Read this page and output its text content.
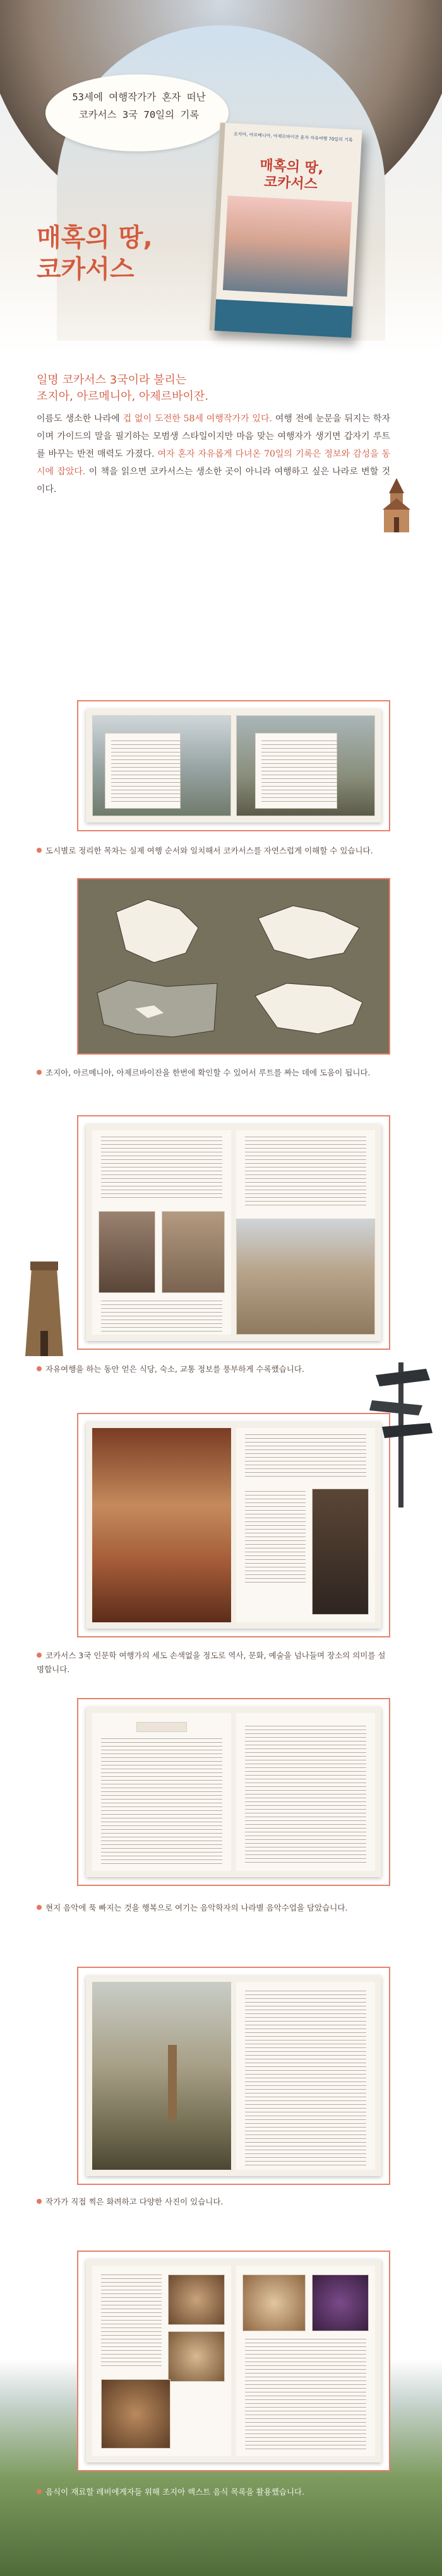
53세에 여행작가가 혼자 떠난
코카서스 3국 70일의 기록
매혹의 땅,
코카서스
조지아, 아르메니아, 아제르바이잔 혼자 자유여행 70일의 기록
매혹의 땅,
코카서스
일명 코카서스 3국이라 불리는
조지아, 아르메니아, 아제르바이잔.
이름도 생소한 나라에 겁 없이 도전한 58세 여행작가가 있다. 여행 전에 눈문을 뒤지는 학자이며 가이드의 말을 필기하는 모범생 스타일이지만 마음 맞는 여행자가 생기면 갑자기 루트를 바꾸는 반전 매력도 가졌다. 여자 혼자 자유롭게 다녀온 70일의 기록은 정보와 감성을 동시에 잡았다. 이 책을 읽으면 코카서스는 생소한 곳이 아니라 여행하고 싶은 나라로 변할 것이다.
도시별로 정리한 목차는 실제 여행 순서와 일치해서 코카서스를 자연스럽게 이해할 수 있습니다.
조지아, 아르메니아, 아제르바이잔을 한번에 확인할 수 있어서 루트를 짜는 데에 도움이 됩니다.
자유여행을 하는 동안 얻은 식당, 숙소, 교통 정보를 풍부하게 수록했습니다.
코카서스 3국 인문학 여행가의 세도 손색없을 정도로 역사, 문화, 예술을 넘나들며 장소의 의미를 설명합니다.
현지 음악에 푹 빠지는 것을 행복으로 여기는 음악학자의 나라별 음악수업을 담았습니다.
작가가 직접 찍은 화려하고 다양한 사진이 있습니다.
음식이 재료할 레비에게자들 위해 조지아 렉스트 음식 목록을 활용했습니다.
